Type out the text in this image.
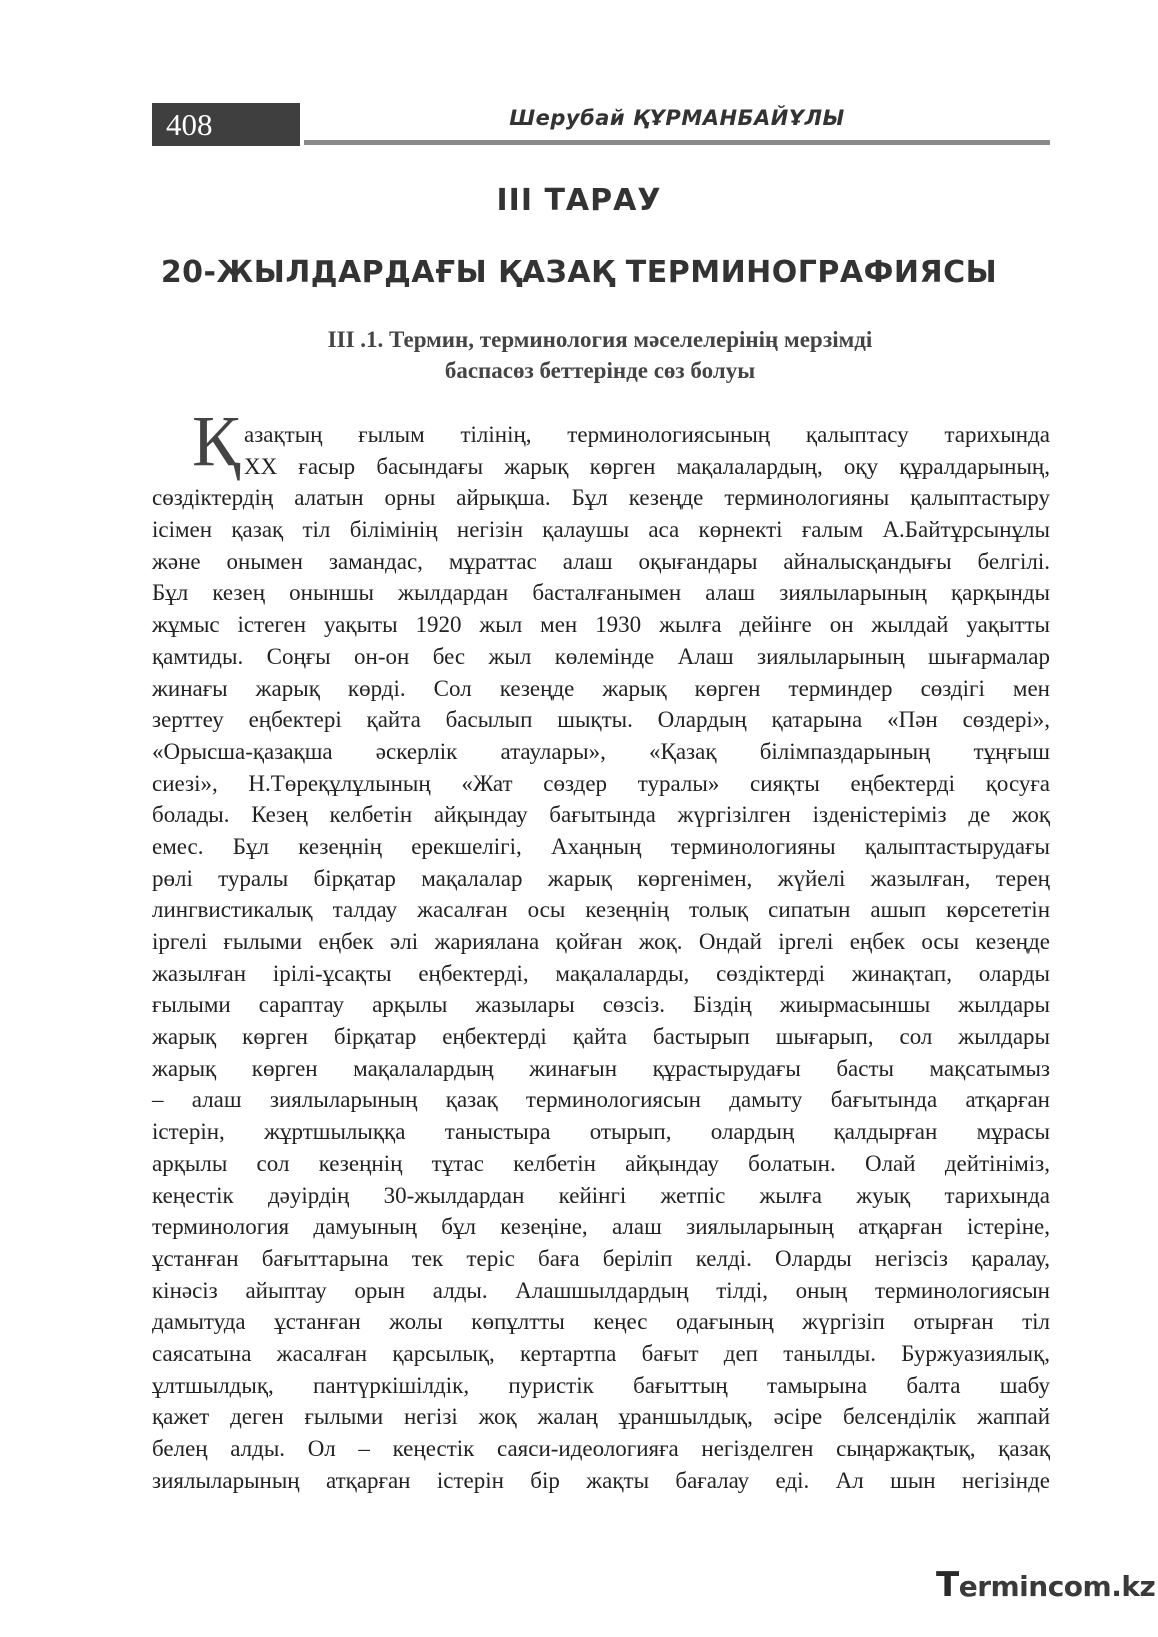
408	Шерубай ҚҰРМАНБАЙҰЛЫ
III ТАРАУ
20-ЖЫЛДАРДАҒЫ ҚАЗАҚ ТЕРМИНОГРАФИЯСЫ
ІІІ .1. Термин, терминология мәселелерінің мерзімді
баспасөз беттерінде сөз болуы
Қ азақтың ғылым тілінің, терминологиясының қалыптасу тарихында
ХХ ғасыр басындағы жарық көрген мақалалардың, оқу құралдарының,
сөздіктердің алатын орны айрықша. Бұл кезеңде терминологияны қалыптастыру
ісімен қазақ тіл білімінің негізін қалаушы аса көрнекті ғалым А.Байтұрсынұлы
және онымен замандас, мұраттас алаш оқығандары айналысқандығы белгілі.
Бұл кезең оныншы жылдардан басталғанымен алаш зиялыларының қарқынды
жұмыс істеген уақыты 1920 жыл мен 1930 жылға дейінге он жылдай уақытты
қамтиды. Соңғы он-он бес жыл көлемінде Алаш зиялыларының шығармалар
жинағы жарық көрді. Сол кезеңде жарық көрген терминдер сөздігі мен
зерттеу еңбектері қайта басылып шықты. Олардың қатарына «Пән сөздері»,
«Орысша-қазақша әскерлік атаулары», «Қазақ білімпаздарының тұңғыш
сиезі», Н.Төреқұлұлының «Жат сөздер туралы» сияқты еңбектерді қосуға
болады. Кезең келбетін айқындау бағытында жүргізілген ізденістеріміз де жоқ
емес. Бұл кезеңнің ерекшелігі, Ахаңның терминологияны қалыптастырудағы
рөлі туралы бірқатар мақалалар жарық көргенімен, жүйелі жазылған, терең
лингвистикалық талдау жасалған осы кезеңнің толық сипатын ашып көрсететін
іргелі ғылыми еңбек әлі жариялана қойған жоқ. Ондай іргелі еңбек осы кезеңде
жазылған ірілі-ұсақты еңбектерді, мақалаларды, сөздіктерді жинақтап, оларды
ғылыми сараптау арқылы жазылары сөзсіз. Біздің жиырмасыншы жылдары
жарық көрген бірқатар еңбектерді қайта бастырып шығарып, сол жылдары
жарық көрген мақалалардың жинағын құрастырудағы басты мақсатымыз
– алаш зиялыларының қазақ терминологиясын дамыту бағытында атқарған
істерін, жұртшылыққа таныстыра отырып, олардың қалдырған мұрасы
арқылы сол кезеңнің тұтас келбетін айқындау болатын. Олай дейтініміз,
кеңестік дәуірдің 30-жылдардан кейінгі жетпіс жылға жуық тарихында
терминология дамуының бұл кезеңіне, алаш зиялыларының атқарған істеріне,
ұстанған бағыттарына тек теріс баға беріліп келді. Оларды негізсіз қаралау,
кінәсіз айыптау орын алды. Алашшылдардың тілді, оның терминологиясын
дамытуда ұстанған жолы көпұлтты кеңес одағының жүргізіп отырған тіл
саясатына жасалған қарсылық, кертартпа бағыт деп танылды. Буржуазиялық,
ұлтшылдық, пантүркішілдік, пуристік бағыттың тамырына балта шабу
қажет деген ғылыми негізі жоқ жалаң ұраншылдық, әсіре белсенділік жаппай
белең алды. Ол – кеңестік саяси-идеологияға негізделген сыңаржақтық, қазақ
зиялыларының атқарған істерін бір жақты бағалау еді. Ал шын негізінде
Termincom.kz
